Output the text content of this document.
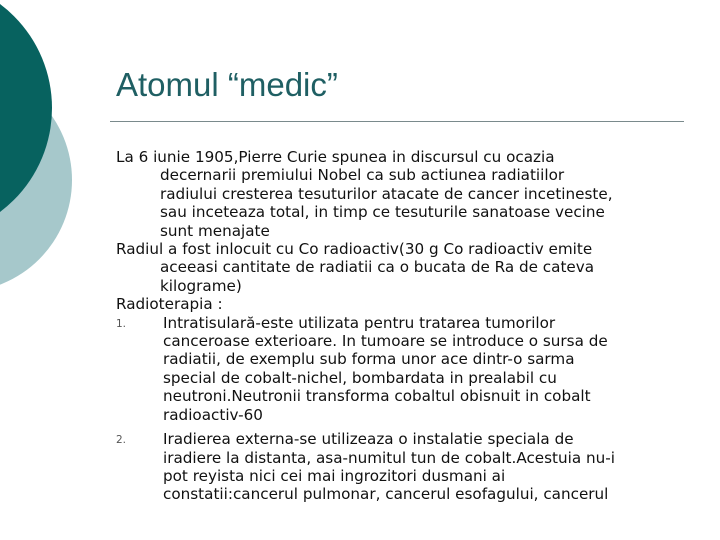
Atomul “medic”

La 6 iunie 1905,Pierre Curie spunea in discursul cu ocazia
decernarii premiului Nobel ca sub actiunea radiatiilor
radiului cresterea tesuturilor atacate de cancer incetineste,
sau inceteaza total, in timp ce tesuturile sanatoase vecine
sunt menajate

Radiul a fost inlocuit cu Co radioactiv(30 g Co radioactiv emite
aceeasi cantitate de radiatii ca o bucata de Ra de cateva
kilograme)

Radioterapia :

1.	Intratisulară-este utilizata pentru tratarea tumorilor
canceroase exterioare. In tumoare se introduce o sursa de
radiatii, de exemplu sub forma unor ace dintr-o sarma
special de cobalt-nichel, bombardata in prealabil cu
neutroni.Neutronii transforma cobaltul obisnuit in cobalt
radioactiv-60
2.	Iradierea externa-se utilizeaza o instalatie speciala de
iradiere la distanta, asa-numitul tun de cobalt.Acestuia nu-i
pot reyista nici cei mai ingrozitori dusmani ai
constatii:cancerul pulmonar, cancerul esofagului, cancerul
